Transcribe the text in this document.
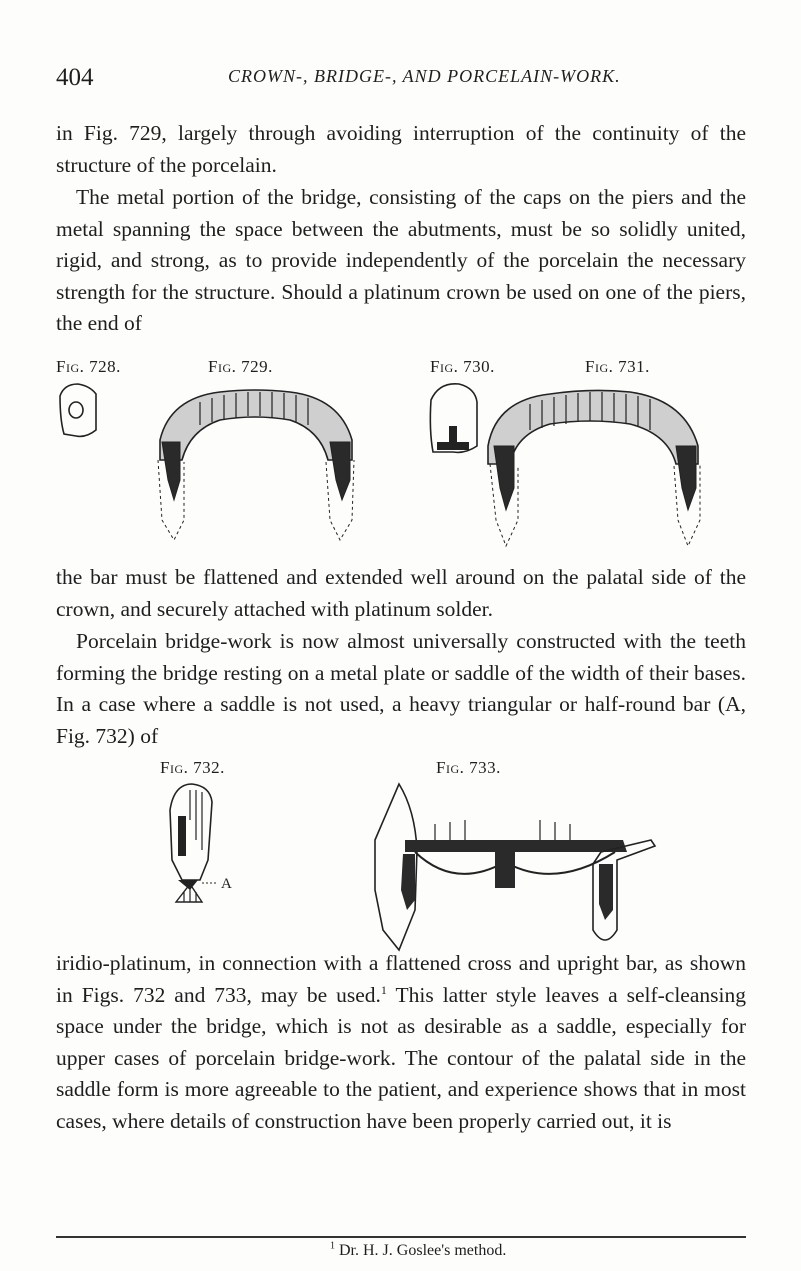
404	CROWN-, BRIDGE-, AND PORCELAIN-WORK.

in Fig. 729, largely through avoiding interruption of the continuity of the structure of the porcelain.

The metal portion of the bridge, consisting of the caps on the piers and the metal spanning the space between the abutments, must be so solidly united, rigid, and strong, as to provide independently of the porcelain the necessary strength for the structure. Should a platinum crown be used on one of the piers, the end of

Fig. 728.	Fig. 729.	Fig. 730.	Fig. 731.

the bar must be flattened and extended well around on the palatal side of the crown, and securely attached with platinum solder.

Porcelain bridge-work is now almost universally constructed with the teeth forming the bridge resting on a metal plate or saddle of the width of their bases. In a case where a saddle is not used, a heavy triangular or half-round bar (A, Fig. 732) of

Fig. 732.	Fig. 733.
A

iridio-platinum, in connection with a flattened cross and upright bar, as shown in Figs. 732 and 733, may be used.$^1$ This latter style leaves a self-cleansing space under the bridge, which is not as desirable as a saddle, especially for upper cases of porcelain bridge-work. The contour of the palatal side in the saddle form is more agreeable to the patient, and experience shows that in most cases, where details of construction have been properly carried out, it is

$^1$ Dr. H. J. Goslee's method.
